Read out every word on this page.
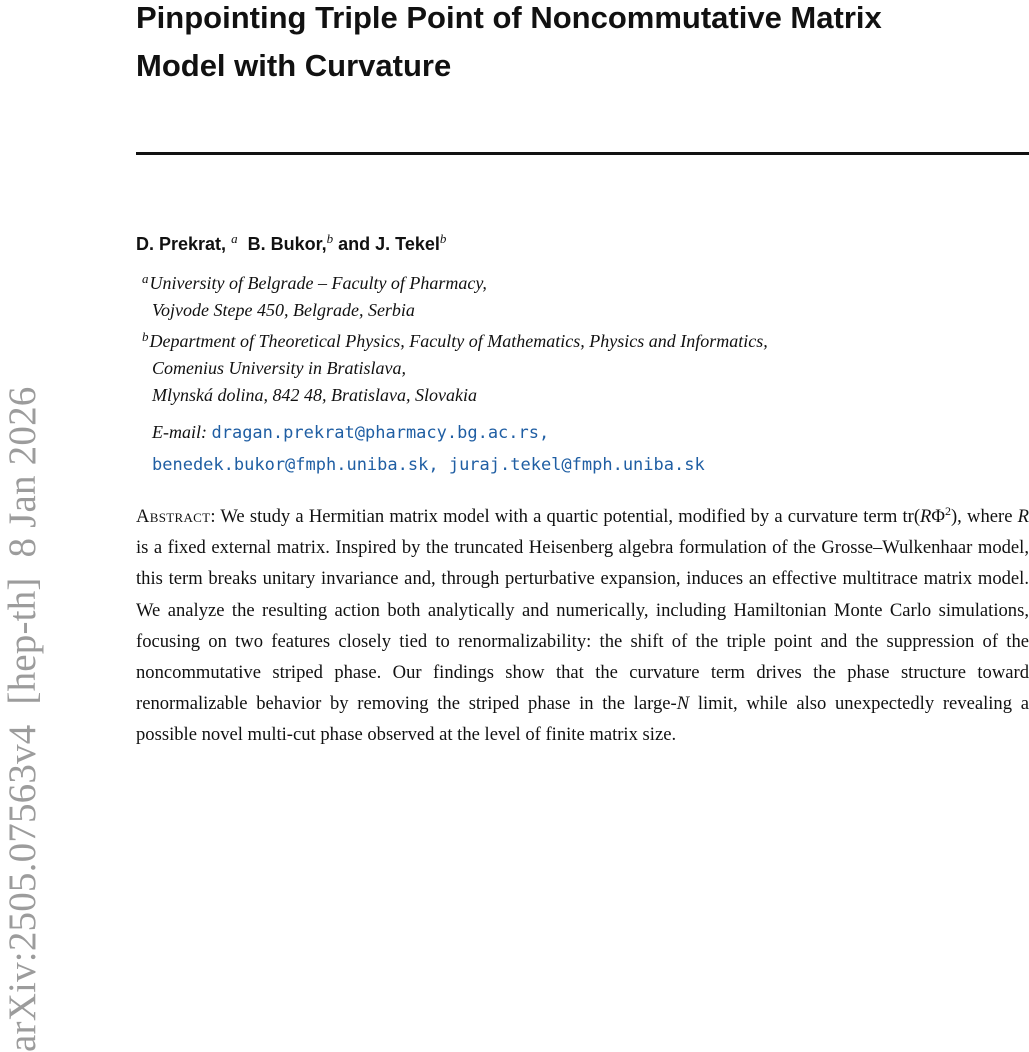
arXiv:2505.07563v4  [hep-th]  8 Jan 2026
Pinpointing Triple Point of Noncommutative Matrix
Model with Curvature
D. Prekrat, $^a$ B. Bukor,$^b$ and J. Tekel$^b$
$^a$University of Belgrade – Faculty of Pharmacy,
Vojvode Stepe 450, Belgrade, Serbia
$^b$Department of Theoretical Physics, Faculty of Mathematics, Physics and Informatics,
Comenius University in Bratislava,
Mlynská dolina, 842 48, Bratislava, Slovakia
E-mail: dragan.prekrat@pharmacy.bg.ac.rs,
benedek.bukor@fmph.uniba.sk, juraj.tekel@fmph.uniba.sk
Abstract: We study a Hermitian matrix model with a quartic potential, modified by a curvature term $tr(R\Phi^2)$, where R is a fixed external matrix. Inspired by the truncated Heisenberg algebra formulation of the Grosse–Wulkenhaar model, this term breaks unitary invariance and, through perturbative expansion, induces an effective multitrace matrix model. We analyze the resulting action both analytically and numerically, including Hamiltonian Monte Carlo simulations, focusing on two features closely tied to renormalizability: the shift of the triple point and the suppression of the noncommutative striped phase. Our findings show that the curvature term drives the phase structure toward renormalizable behavior by removing the striped phase in the large-N limit, while also unexpectedly revealing a possible novel multi-cut phase observed at the level of finite matrix size.
